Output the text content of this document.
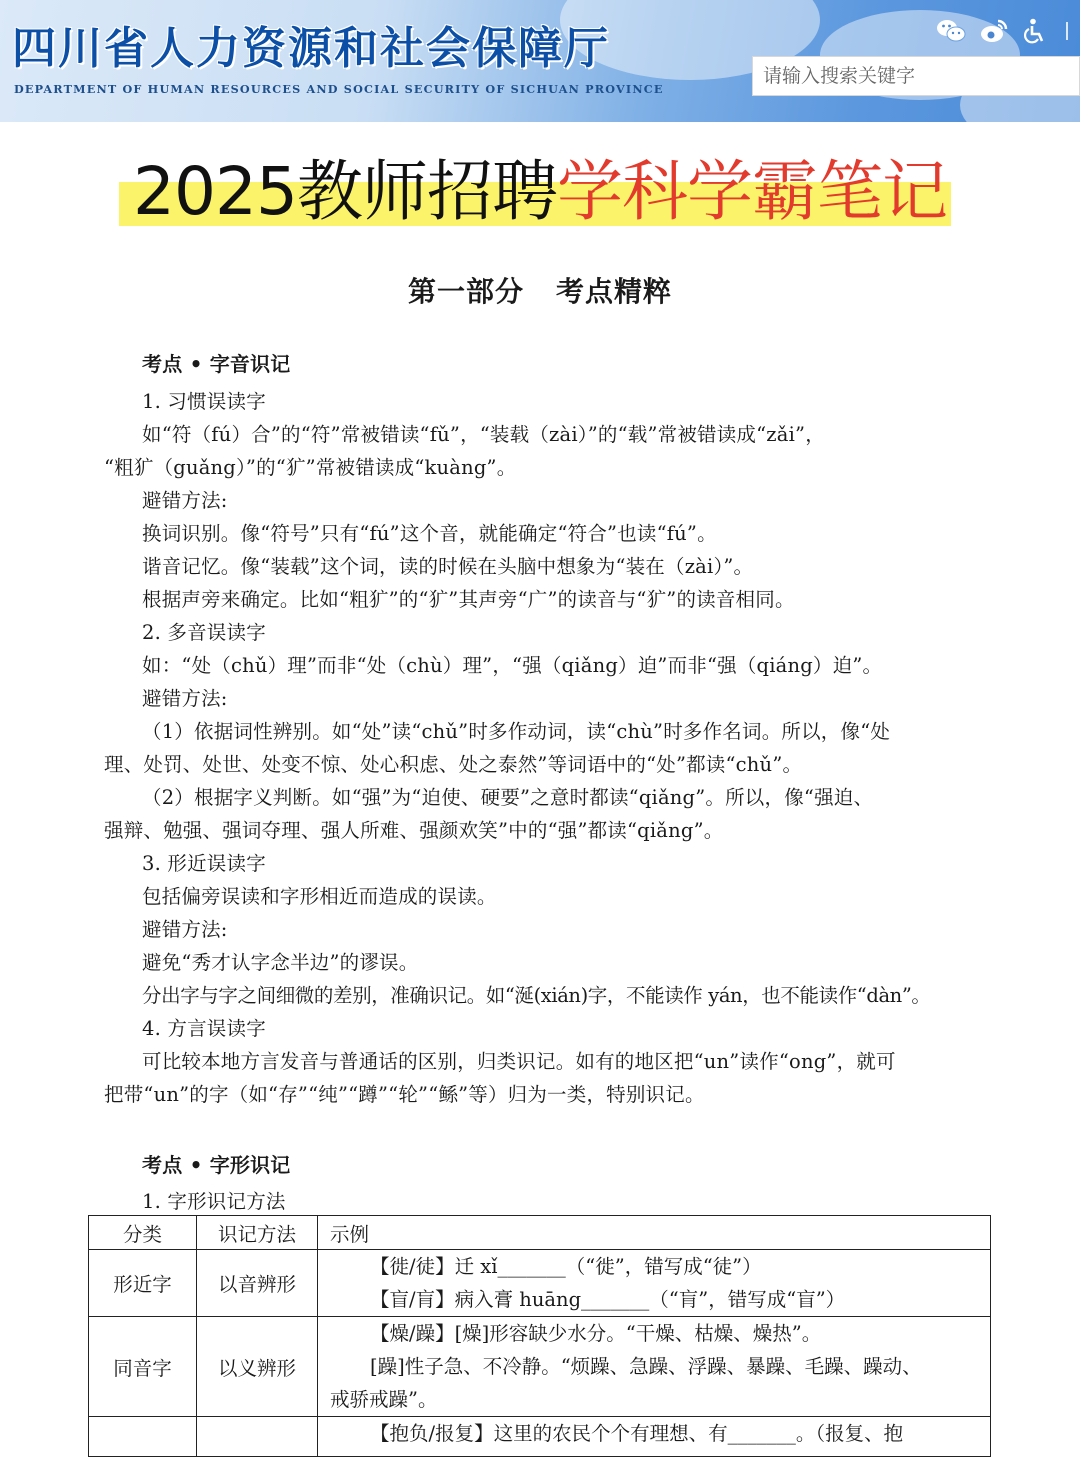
四川省人力资源和社会保障厅
DEPARTMENT OF HUMAN RESOURCES AND SOCIAL SECURITY OF SICHUAN PROVINCE
请输入搜索关键字
2025教师招聘学科学霸笔记
第一部分 考点精粹
考点 • 字音识记
1. 习惯误读字
如“符（fú）合”的“符”常被错读“fǔ”，“装载（zài）”的“载”常被错读成“zǎi”，
“粗犷（guǎng）”的“犷”常被错读成“kuàng”。
避错方法:
换词识别。像“符号”只有“fú”这个音，就能确定“符合”也读“fú”。
谐音记忆。像“装载”这个词，读的时候在头脑中想象为“装在（zài）”。
根据声旁来确定。比如“粗犷”的“犷”其声旁“广”的读音与“犷”的读音相同。
2. 多音误读字
如：“处（chǔ）理”而非“处（chù）理”，“强（qiǎng）迫”而非“强（qiáng）迫”。
避错方法:
（1）依据词性辨别。如“处”读“chǔ”时多作动词，读“chù”时多作名词。所以，像“处
理、处罚、处世、处变不惊、处心积虑、处之泰然”等词语中的“处”都读“chǔ”。
（2）根据字义判断。如“强”为“迫使、硬要”之意时都读“qiǎng”。所以，像“强迫、
强辩、勉强、强词夺理、强人所难、强颜欢笑”中的“强”都读“qiǎng”。
3. 形近误读字
包括偏旁误读和字形相近而造成的误读。
避错方法:
避免“秀才认字念半边”的谬误。
分出字与字之间细微的差别，准确识记。如“涎(xián)字，不能读作 yán，也不能读作“dàn”。
4. 方言误读字
可比较本地方言发音与普通话的区别，归类识记。如有的地区把“un”读作“ong”，就可
把带“un”的字（如“存”“纯”“蹲”“轮”“鲧”等）归为一类，特别识记。
考点 • 字形识记
1. 字形识记方法
分类	识记方法	示例
形近字	以音辨形	【徙/徒】迁 xǐ_______（“徙”，错写成“徒”）
【盲/肓】病入膏 huāng_______（“肓”，错写成“盲”）

同音字	以义辨形	【燥/躁】[燥]形容缺少水分。“干燥、枯燥、燥热”。
[躁]性子急、不冷静。“烦躁、急躁、浮躁、暴躁、毛躁、躁动、
戒骄戒躁”。

		【抱负/报复】这里的农民个个有理想、有_______。（报复、抱
